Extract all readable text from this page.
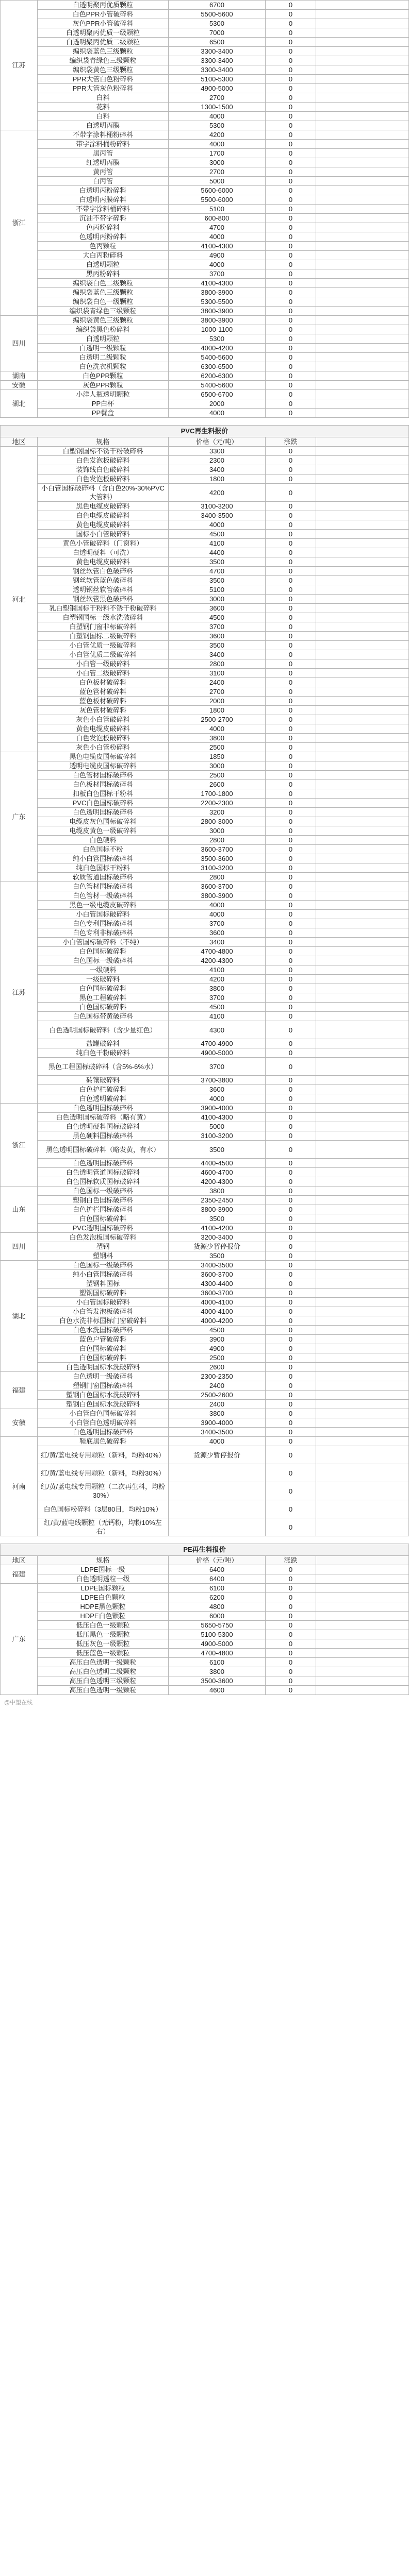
江苏	白透明聚丙优质颗粒	6700	0	
	白色PPR小管破碎料	5500-5600	0	
	灰色PPR小管破碎料	5300	0	
	白透明聚丙优质一级颗粒	7000	0	
	白透明聚丙优质二级颗粒	6500	0	
	编织袋蓝色三级颗粒	3300-3400	0	
	编织袋青绿色三级颗粒	3300-3400	0	
	编织袋黄色三级颗粒	3300-3400	0	
	PPR大管白色粉碎料	5100-5300	0	
	PPR大管灰色粉碎料	4900-5000	0	
	白料	2700	0	
	花料	1300-1500	0	
	白料	4000	0	
	白透明丙膜	5300	0	
浙江	不带字涂料桶粉碎料	4200	0	
	带字涂料桶粉碎料	4000	0	
	黑丙管	1700	0	
	红透明丙膜	3000	0	
	黄丙管	2700	0	
	白丙管	5000	0	
	白透明丙粉碎料	5600-6000	0	
	白透明丙膜碎料	5500-6000	0	
	不带字涂料桶碎料	5100	0	
	沉油不带字碎料	600-800	0	
	色丙粉碎料	4700	0	
	色透明丙粉碎料	4000	0	
	色丙颗粒	4100-4300	0	
	大白丙粉碎料	4900	0	
	白透明颗粒	4000	0	
	黑丙粉碎料	3700	0	
	编织袋白色二级颗粒	4100-4300	0	
	编织袋蓝色三级颗粒	3800-3900	0	
	编织袋白色一级颗粒	5300-5500	0	
	编织袋青绿色三级颗粒	3800-3900	0	
四川	编织袋黄色三级颗粒	3800-3900	0	
	编织袋黑色粉碎料	1000-1100	0	
	白透明颗粒	5300	0	
	白透明一级颗粒	4000-4200	0	
	白透明二级颗粒	5400-5600	0	
	白色洗衣机颗粒	6300-6500	0	
湖南	白色PPR颗粒	6200-6300	0	
安徽	灰色PPR颗粒	5400-5600	0	
湖北	小洋人瓶透明颗粒	6500-6700	0	
	PP白杯	2000	0	
	PP餐盒	4000	0	
PVC再生料报价				
地区	规格	价格（元/吨）	涨跌	
河北	白塑钢国标不锈干粉破碎料	3300	0	
	白色发泡板破碎料	2300	0	
	装饰线白色破碎料	3400	0	
	白色发泡板破碎料	1800	0	
	小白管国标破碎料（含白色20%-30%PVC大管料）	4200	0	
	黑色电缆皮破碎料	3100-3200	0	
	白色电缆皮破碎料	3400-3500	0	
	黄色电缆皮破碎料	4000	0	
	国标小白管破碎料	4500	0	
	黄色小管破碎料（门窗料）	4100	0	
	白透明硬料（可洗）	4400	0	
	黄色电缆皮破碎料	3500	0	
	钢丝软管白色破碎料	4700	0	
	钢丝软管蓝色破碎料	3500	0	
	透明钢丝软管破碎料	5100	0	
	钢丝软管黑色破碎料	3000	0	
	乳白塑钢国标干粉料不锈干粉破碎料	3600	0	
	白塑钢国标一级水洗破碎料	4500	0	
	白塑钢门窗非标破碎料	3700	0	
	白塑钢国标二级破碎料	3600	0	
	小白管优质一级破碎料	3500	0	
	小白管优质二级破碎料	3400	0	
	小白管一级破碎料	2800	0	
	小白管二级破碎料	3100	0	
	白色板材破碎料	2400	0	
	蓝色管材破碎料	2700	0	
	蓝色板材破碎料	2000	0	
	灰色管材破碎料	1800	0	
	灰色小白管破碎料	2500-2700	0	
	黄色电缆皮破碎料	4000	0	
	白色发泡板破碎料	3800	0	
	灰色小白管粉碎料	2500	0	
广东	黑色电缆皮国标破碎料	1850	0	
	透明电缆皮国标破碎料	3000	0	
	白色管材国标破碎料	2500	0	
	白色板材国标破碎料	2600	0	
	扣板白色国标干粉料	1700-1800	0	
	PVC白色国标破碎料	2200-2300	0	
	白色透明国标破碎料	3200	0	
	电缆皮灰色国标破碎料	2800-3000	0	
	电缆皮黄色一级破碎料	3000	0	
	白色硬料	2800	0	
	白色国标不粉	3600-3700	0	
	纯小白管国标破碎料	3500-3600	0	
	纯白色国标干粉料	3100-3200	0	
	软质管道国标破碎料	2800	0	
江苏	白色管材国标破碎料	3600-3700	0	
	白色管材一级破碎料	3800-3900	0	
	黑色一级电缆皮破碎料	4000	0	
	小白管国标破碎料	4000	0	
	白色专利国标破碎料	3700	0	
	白色专利非标破碎料	3600	0	
	小白管国标破碎料（不纯）	3400	0	
	白色国标破碎料	4700-4800	0	
	白色国标一级破碎料	4200-4300	0	
	一级硬料	4100	0	
	一级破碎料	4200	0	
	白色国标破碎料	3800	0	
	黑色工程破碎料	3700	0	
	白色国标破碎料	4500	0	
	白色国标带黄破碎料	4100	0	
	白色透明国标破碎料（含少量红色）	4300	0	
	盐罐破碎料	4700-4900	0	
	纯白色干粉破碎料	4900-5000	0	
	黑色工程国标破碎料（含5%-6%水）	3700	0	
	砖镶破碎料	3700-3800	0	
	白色护栏破碎料	3600	0	
	白色透明破碎料	4000	0	
浙江	白色透明国标破碎料	3900-4000	0	
	白色透明国标破碎料（略有黄）	4100-4300	0	
	白色透明硬料国标破碎料	5000	0	
	黑色硬料国标破碎料	3100-3200	0	
	黑色透明国标破碎料（略发黄，有水）	3500	0	
	白色透明国标破碎料	4400-4500	0	
	白色透明管道国标破碎料	4600-4700	0	
	白色国标软质国标破碎料	4200-4300	0	
山东	白色国标一级破碎料	3800	0	
	塑钢白色国标破碎料	2350-2450	0	
	白色护栏国标破碎料	3800-3900	0	
	白色国标破碎料	3500	0	
	PVC透明国标破碎料	4100-4200	0	
四川	白色发泡板国标破碎料	3200-3400	0	
	塑钢	货源少暂停报价	0	
	塑钢料	3500	0	
湖北	白色国标一级破碎料	3400-3500	0	
	纯小白管国标破碎料	3600-3700	0	
	塑钢料国标	4300-4400	0	
	塑钢国标破碎料	3600-3700	0	
	小白管国标破碎料	4000-4100	0	
	小白管发泡板破碎料	4000-4100	0	
	白色水洗非标国标门窗破碎料	4000-4200	0	
	白色水洗国标破碎料	4500	0	
	蓝色户管破碎料	3900	0	
	白色国标破碎料	4900	0	
	白色国标破碎料	2500	0	
	白色透明国标水洗破碎料	2600	0	
福建	白色透明一级破碎料	2300-2350	0	
	塑钢门窗国标破碎料	2400	0	
	塑钢白色国标水洗破碎料	2500-2600	0	
	塑钢白色国标水洗破碎料	2400	0	
安徽	小白管白色国标破碎料	3800	0	
	小白管白色透明破碎料	3900-4000	0	
	白色透明国标破碎料	3400-3500	0	
河南	鞋底黑色破碎料	4000	0	
	红/黄/蓝电线专用颗粒（新料，均粉40%）	货源少暂停报价	0	
	红/黄/蓝电线专用颗粒（新料，均粉30%）		0	
	红/黄/蓝电线专用颗粒（二次再生料，均粉30%）		0	
	白色国标粉碎料（3层80目，均粉10%）		0	
	红/黄/蓝电线颗粒（无钙粉，均粉10%左右）		0	
PE再生料报价				
地区	规格	价格（元/吨）	涨跌	
福建	LDPE国标一级	6400	0	
	白色透明透粒一级	6400	0	
广东	LDPE国标颗粒	6100	0	
	LDPE白色颗粒	6200	0	
	HDPE黑色颗粒	4800	0	
	HDPE白色颗粒	6000	0	
	低压白色一级颗粒	5650-5750	0	
	低压黑色一级颗粒	5100-5300	0	
	低压灰色一级颗粒	4900-5000	0	
	低压蓝色一级颗粒	4700-4800	0	
	高压白色透明一级颗粒	6100	0	
	高压白色透明二级颗粒	3800	0	
	高压白色透明三级颗粒	3500-3600	0	
	高压白色透明一级颗粒	4600	0	
@中塑在线
